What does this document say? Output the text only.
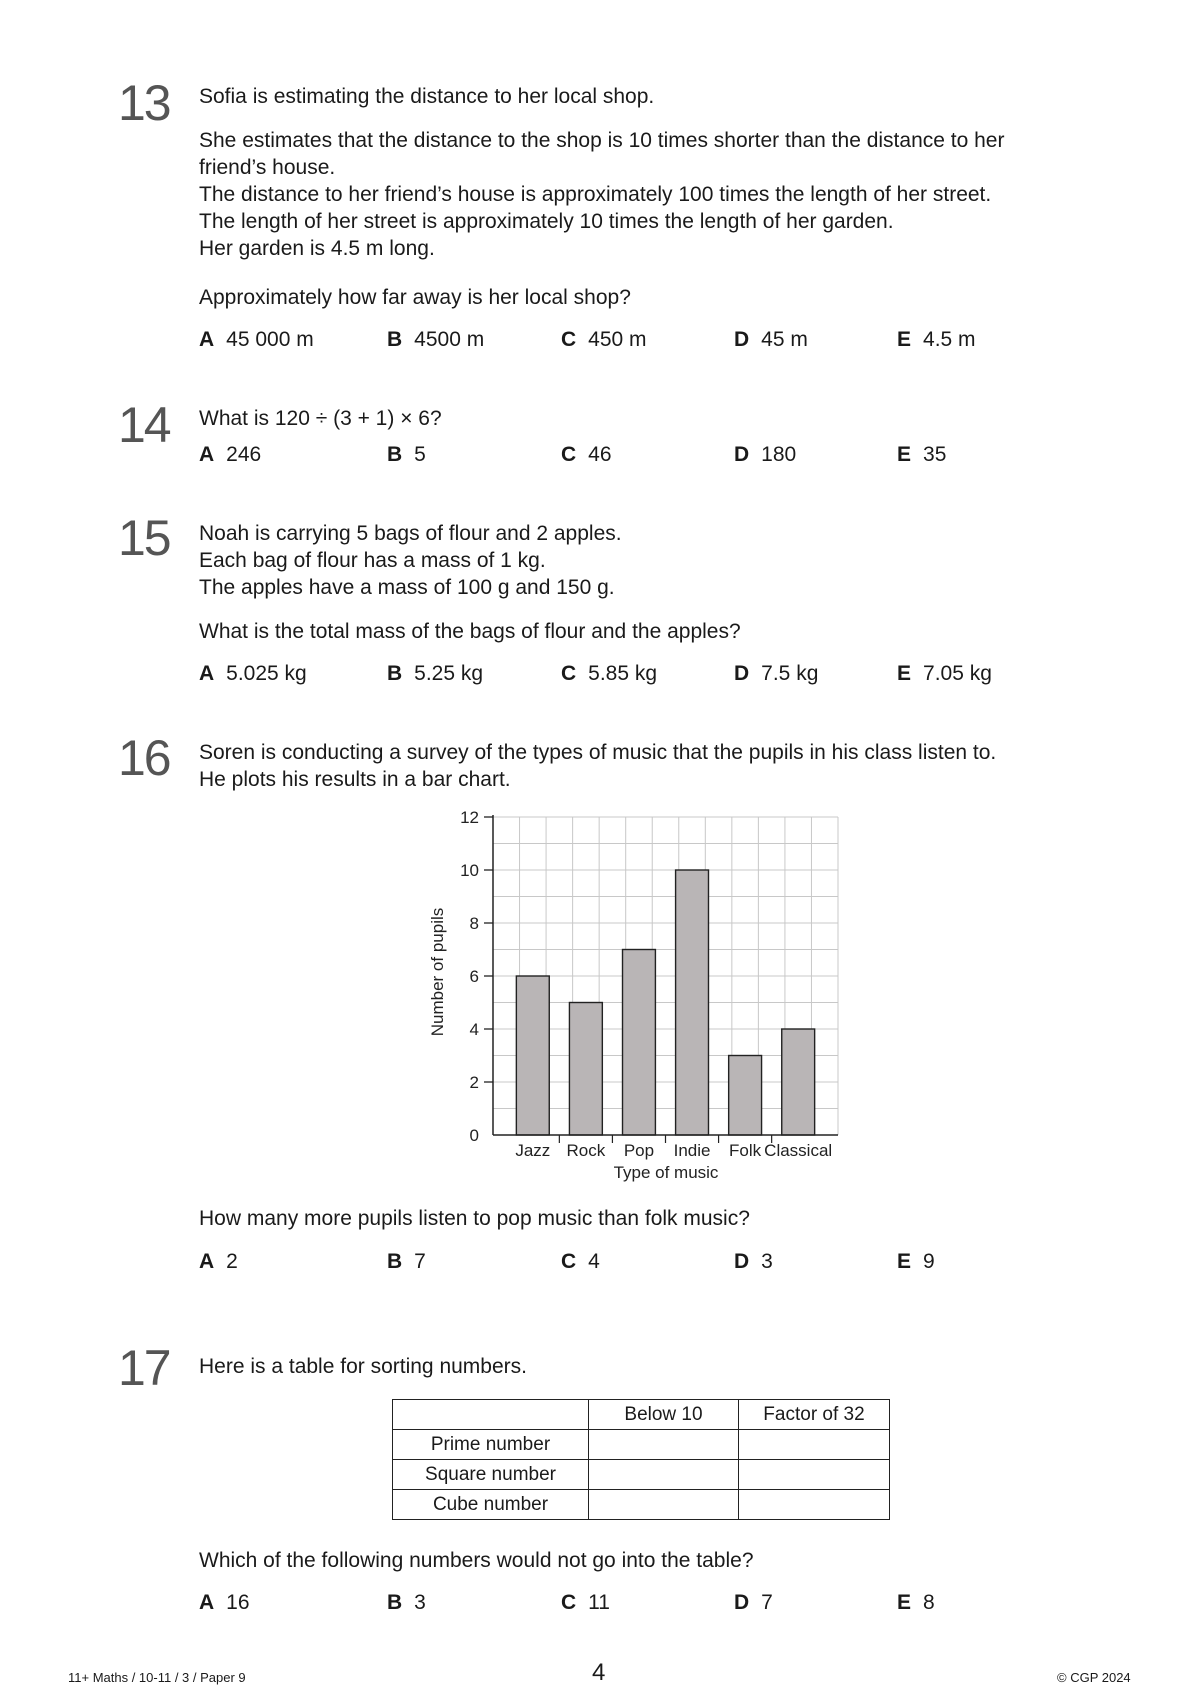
13 Sofia is estimating the distance to her local shop.
She estimates that the distance to the shop is 10 times shorter than the distance to her
friend’s house.
The distance to her friend’s house is approximately 100 times the length of her street.
The length of her street is approximately 10 times the length of her garden.
Her garden is 4.5 m long.
Approximately how far away is her local shop?
A 45 000 m	B 4500 m	C 450 m	D 45 m	E 4.5 m
14 What is 120 ÷ (3 + 1) × 6?
A 246	B 5	C 46	D 180	E 35
15 Noah is carrying 5 bags of flour and 2 apples.
Each bag of flour has a mass of 1 kg.
The apples have a mass of 100 g and 150 g.
What is the total mass of the bags of flour and the apples?
A 5.025 kg	B 5.25 kg	C 5.85 kg	D 7.5 kg	E 7.05 kg
16 Soren is conducting a survey of the types of music that the pupils in his class listen to.
He plots his results in a bar chart.
Jazz Rock Pop Indie Folk Classical
0
2
4
6
8
10
12
Number of pupils
Type of music
How many more pupils listen to pop music than folk music?
A 2	B 7	C 4	D 3	E 9
17 Here is a table for sorting numbers.
	Below 10	Factor of 32
Prime number		
Square number		
Cube number		
Which of the following numbers would not go into the table?
A 16	B 3	C 11	D 7	E 8
11+ Maths / 10-11 / 3 / Paper 9	4	© CGP 2024
